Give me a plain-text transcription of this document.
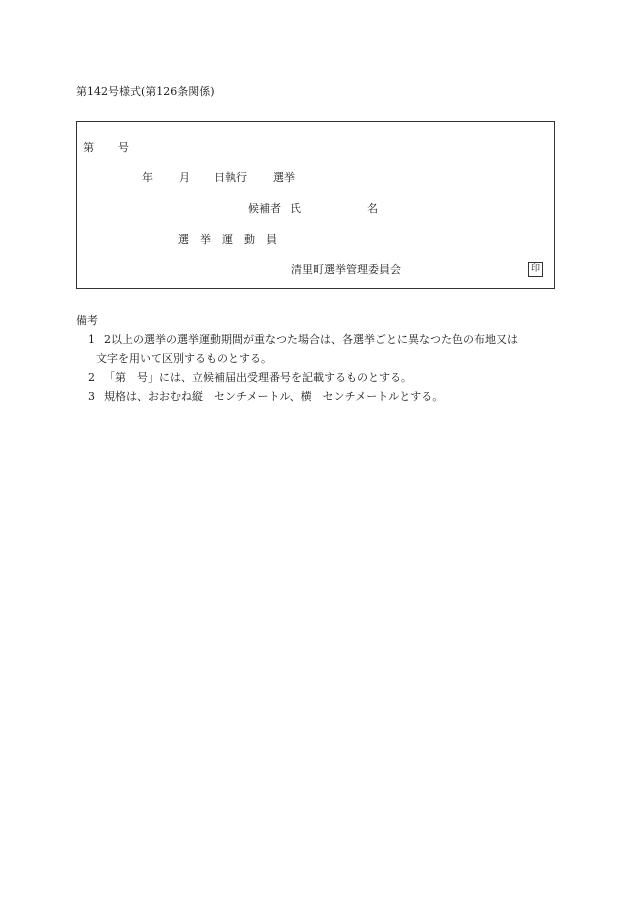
第142号様式(第126条関係)
第 号
年 月 日執行 選挙
候補者 氏	名
選挙運動員
清里町選挙管理委員会	印
備考
1 2以上の選挙の選挙運動期間が重なつた場合は、各選挙ごとに異なつた色の布地又は
文字を用いて区別するものとする。
2 「第　号」には、立候補届出受理番号を記載するものとする。
3 規格は、おおむね縦　センチメートル、横　センチメートルとする。
